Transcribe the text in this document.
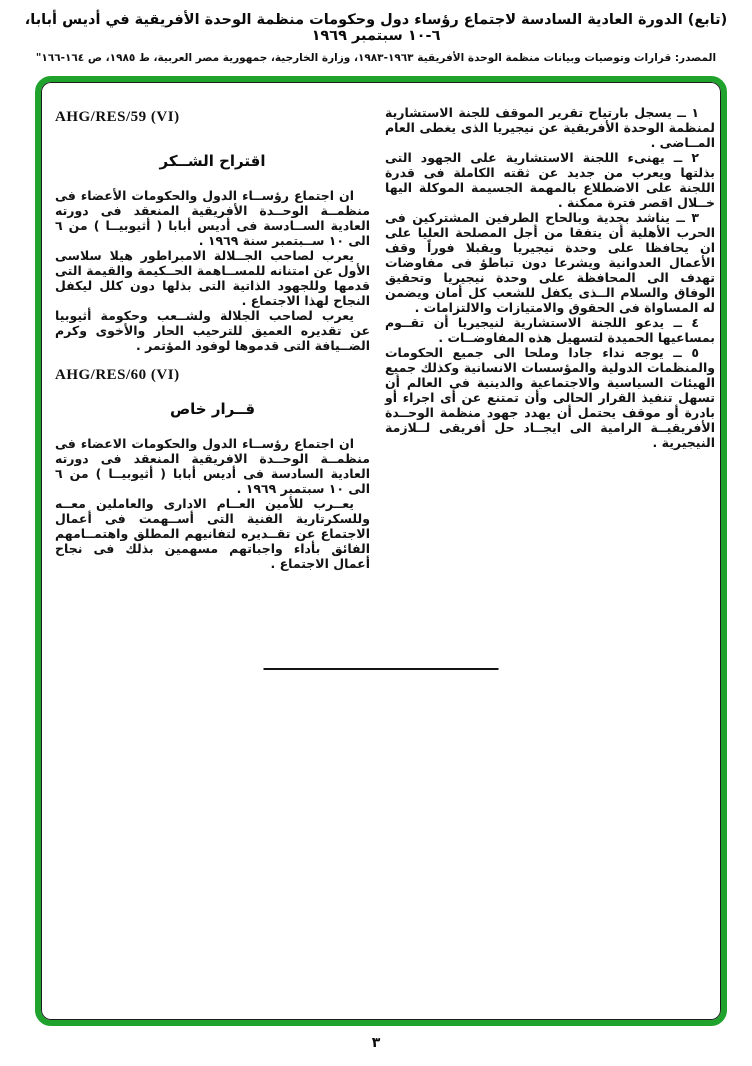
(تابع) الدورة العادية السادسة لاجتماع رؤساء دول وحكومات منظمة الوحدة الأفريقية في أديس أبابا، ٦-١٠ سبتمبر ١٩٦٩
المصدر: قرارات وتوصيات وبيانات منظمة الوحدة الأفريقية ١٩٦٣-١٩٨٣، وزارة الخارجية، جمهورية مصر العربية، ط ١٩٨٥، ص ١٦٤-١٦٦"

١ ــ يسجل بارتياح تقرير الموقف للجنة الاستشارية لمنظمة الوحدة الأفريقية عن نيجيريا الذى يغطى العام المــاضى .

٢ ــ يهنىء اللجنة الاستشارية على الجهود التى بذلتها ويعرب من جديد عن ثقته الكاملة فى قدرة اللجنة على الاضطلاع بالمهمة الجسيمة الموكلة اليها خــلال اقصر فترة ممكنة .

٣ ــ يناشد بجدية وبالحاح الطرفين المشتركين فى الحرب الأهلية أن يتفقا من أجل المصلحة العليا على ان يحافظا على وحدة نيجيريا ويقبلا فوراً وقف الأعمال العدوانية ويشرعا دون تباطؤ فى مفاوضات تهدف الى المحافظة على وحدة نيجيريا وتحقيق الوفاق والسلام الــذى يكفل للشعب كل أمان ويضمن له المساواة فى الحقوق والامتيازات والالتزامات .

٤ ــ يدعو اللجنة الاستشارية لنيجيريا أن تقــوم بمساعيها الحميدة لتسهيل هذه المفاوضــات .

٥ ــ يوجه نداء جادا وملحا الى جميع الحكومات والمنظمات الدولية والمؤسسات الانسانية وكذلك جميع الهيئات السياسية والاجتماعية والدينية فى العالم أن تسهل تنفيذ القرار الحالى وأن تمتنع عن أى اجراء أو بادرة أو موقف يحتمل أن يهدد جهود منظمة الوحــدة الأفريقيــة الرامية الى ايجــاد حل أفريقى لــلازمة النيجيرية .

AHG/RES/59 (VI)
اقتراح الشــكر

ان اجتماع رؤســاء الدول والحكومات الأعضاء فى منظمــة الوحــدة الأفريقية المنعقد فى دورته العادية الســادسة فى أديس أبابا ( أثيوبيــا ) من ٦ الى ١٠ ســبتمبر سنة ١٩٦٩ .

يعرب لصاحب الجــلالة الامبراطور هيلا سلاسى الأول عن امتنانه للمســاهمة الحــكيمة والقيمة التى قدمها وللجهود الذاتية التى بذلها دون كلل ليكفل النجاح لهذا الاجتماع .

يعرب لصاحب الجلالة ولشــعب وحكومة أثيوبيا عن تقديره العميق للترحيب الحار والأخوى وكرم الضــيافة التى قدموها لوفود المؤتمر .

AHG/RES/60 (VI)
قــرار خاص

ان اجتماع رؤســاء الدول والحكومات الاعضاء فى منظمــة الوحــدة الافريقية المنعقد فى دورته العادية السادسة فى أديس أبابا ( أثيوبيــا ) من ٦ الى ١٠ سبتمبر ١٩٦٩ .

يعــرب للأمين العــام الادارى والعاملين معــه وللسكرتارية الفنية التى أســهمت فى أعمال الاجتماع عن تقــديره لتفانيهم المطلق واهتمــامهم الفائق بأداء واجباتهم مسهمين بذلك فى نجاح أعمال الاجتماع .

٣
